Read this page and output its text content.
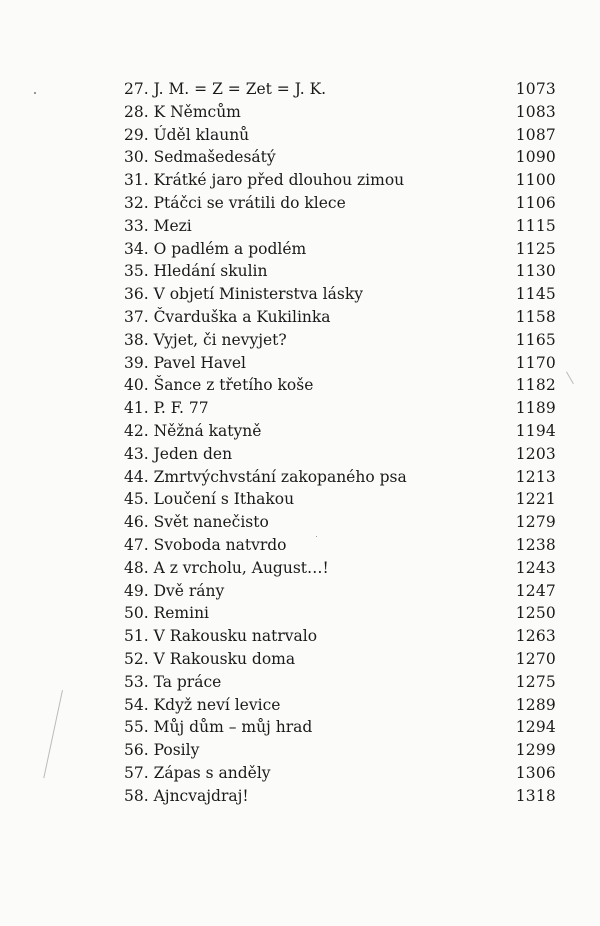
27. J. M. = Z = Zet = J. K.	1073
28. K Němcům	1083
29. Úděl klaunů	1087
30. Sedmašedesátý	1090
31. Krátké jaro před dlouhou zimou	1100
32. Ptáčci se vrátili do klece	1106
33. Mezi	1115
34. O padlém a podlém	1125
35. Hledání skulin	1130
36. V objetí Ministerstva lásky	1145
37. Čvarduška a Kukilinka	1158
38. Vyjet, či nevyjet?	1165
39. Pavel Havel	1170
40. Šance z třetího koše	1182
41. P. F. 77	1189
42. Něžná katyně	1194
43. Jeden den	1203
44. Zmrtvýchvstání zakopaného psa	1213
45. Loučení s Ithakou	1221
46. Svět nanečisto	1279
47. Svoboda natvrdo	1238
48. A z vrcholu, August…!	1243
49. Dvě rány	1247
50. Remini	1250
51. V Rakousku natrvalo	1263
52. V Rakousku doma	1270
53. Ta práce	1275
54. Když neví levice	1289
55. Můj dům – můj hrad	1294
56. Posily	1299
57. Zápas s anděly	1306
58. Ajncvajdraj!	1318
